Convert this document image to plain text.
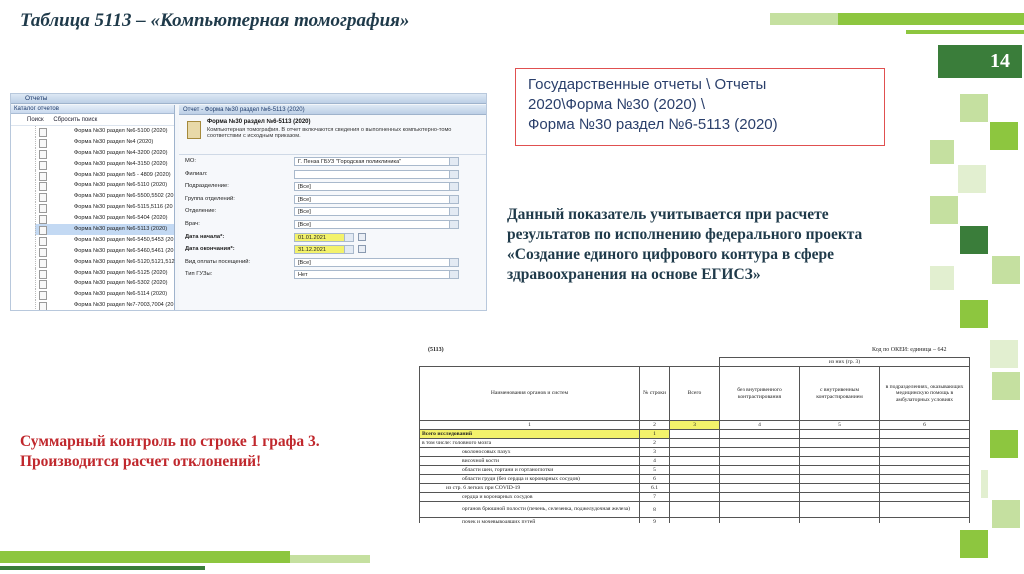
Таблица 5113 – «Компьютерная томография»
14
Государственные отчеты \ Отчеты
2020\Форма №30 (2020) \
Форма №30 раздел №6-5113 (2020)
Данный показатель учитывается при расчете результатов по исполнению федерального проекта «Создание единого цифрового контура в сфере здравоохранения на основе ЕГИСЗ»
Суммарный контроль по строке 1 графа 3.
Производится расчет отклонений!
Отчеты
Каталог отчетов
Поиск Сбросить поиск
Форма №30 раздел №6-5100 (2020)
Форма №30 раздел №4 (2020)
Форма №30 раздел №4-3200 (2020)
Форма №30 раздел №4-3150 (2020)
Форма №30 раздел №5 - 4809 (2020)
Форма №30 раздел №6-5110 (2020)
Форма №30 раздел №6-5500,5502 (20
Форма №30 раздел №6-5115,5116 (20
Форма №30 раздел №6-5404 (2020)
Форма №30 раздел №6-5113 (2020)
Форма №30 раздел №6-5450,5453 (20
Форма №30 раздел №6-5460,5461 (20
Форма №30 раздел №6-5120,5121,512
Форма №30 раздел №6-5125 (2020)
Форма №30 раздел №6-5302 (2020)
Форма №30 раздел №6-5114 (2020)
Форма №30 раздел №7-7003,7004 (20
Отчет - Форма №30 раздел №6-5113 (2020)
Форма №30 раздел №6-5113 (2020)
Компьютерная томография. В отчет включаются сведения о выполненных компьютерно-томо соответствии с исходным приказом.
МО:	Г. Пенза ГБУЗ "Городская поликлиника"
Филиал:
Подразделение:	[Все]
Группа отделений:	[Все]
Отделение:	[Все]
Врач:	[Все]
Дата начала*:	01.01.2021
Дата окончания*:	31.12.2021
Вид оплаты посещений:	[Все]
Тип ГУЗы:	Нет
(5113)	Код по ОКЕИ: единица – 642
			из них (гр. 3)		
Наименования органов и систем	№ строки	Всего	без внутривенного контрастирования	с внутривенным контрастированием	в подразделениях, оказывающих медицинскую помощь в амбулаторных условиях
1	2	3	4	5	6
Всего исследований	1				
в том числе: головного мозга	2				
околоносовых пазух	3				
височной кости	4				
области шеи, гортани и гортаноглотки	5				
области груди (без сердца и коронарных сосудов)	6				
из стр. 6 легких при COVID-19	6.1				
сердца и коронарных сосудов	7				
органов брюшной полости (печень, селезенка, поджелудочная железа)	8				
почек и мочевыводящих путей	9				
